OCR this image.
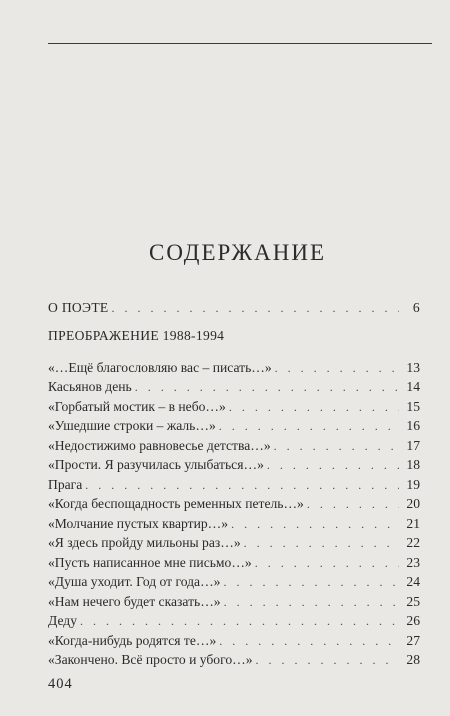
СОДЕРЖАНИЕ
О ПОЭТЕ . . .	6
ПРЕОБРАЖЕНИЕ 1988-1994
«…Ещё благословляю вас – писать…» . . .	13
Касьянов день . . .	14
«Горбатый мостик – в небо…» . . .	15
«Ушедшие строки – жаль…» . . .	16
«Недостижимо равновесье детства…» . . .	17
«Прости. Я разучилась улыбаться…» . . .	18
Прага . . .	19
«Когда беспощадность ременных петель…» . . .	20
«Молчание пустых квартир…» . . .	21
«Я здесь пройду мильоны раз…» . . .	22
«Пусть написанное мне письмо…» . . .	23
«Душа уходит. Год от года…» . . .	24
«Нам нечего будет сказать…» . . .	25
Деду . . .	26
«Когда-нибудь родятся те…» . . .	27
«Закончено. Всё просто и убого…» . . .	28
404
